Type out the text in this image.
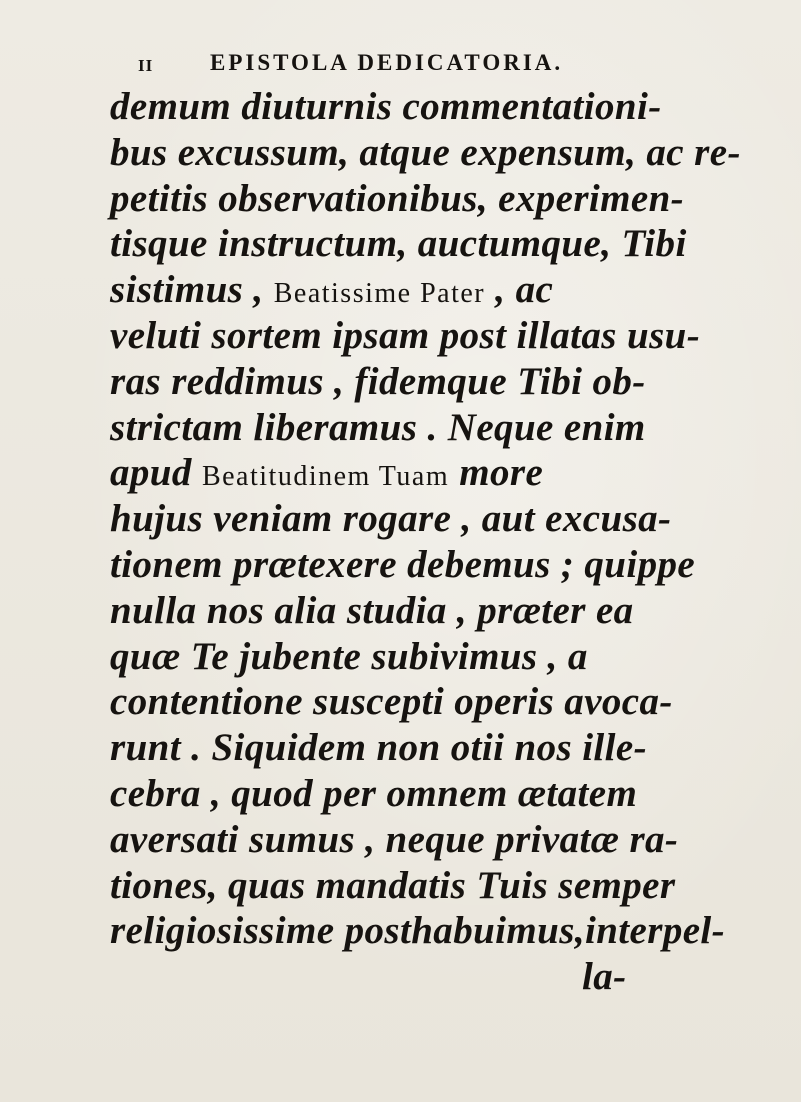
II EPISTOLA DEDICATORIA.
demum diuturnis commentationi-
bus excussum, atque expensum, ac re-
petitis observationibus, experimen-
tisque instructum, auctumque, Tibi
sistimus , Beatissime Pater , ac
veluti sortem ipsam post illatas usu-
ras reddimus , fidemque Tibi ob-
strictam liberamus . Neque enim
apud Beatitudinem Tuam more
hujus veniam rogare , aut excusa-
tionem prætexere debemus ; quippe
nulla nos alia studia , præter ea
quæ Te jubente subivimus , a
contentione suscepti operis avoca-
runt . Siquidem non otii nos ille-
cebra , quod per omnem ætatem
aversati sumus , neque privatæ ra-
tiones, quas mandatis Tuis semper
religiosissime posthabuimus,interpel-
la-
